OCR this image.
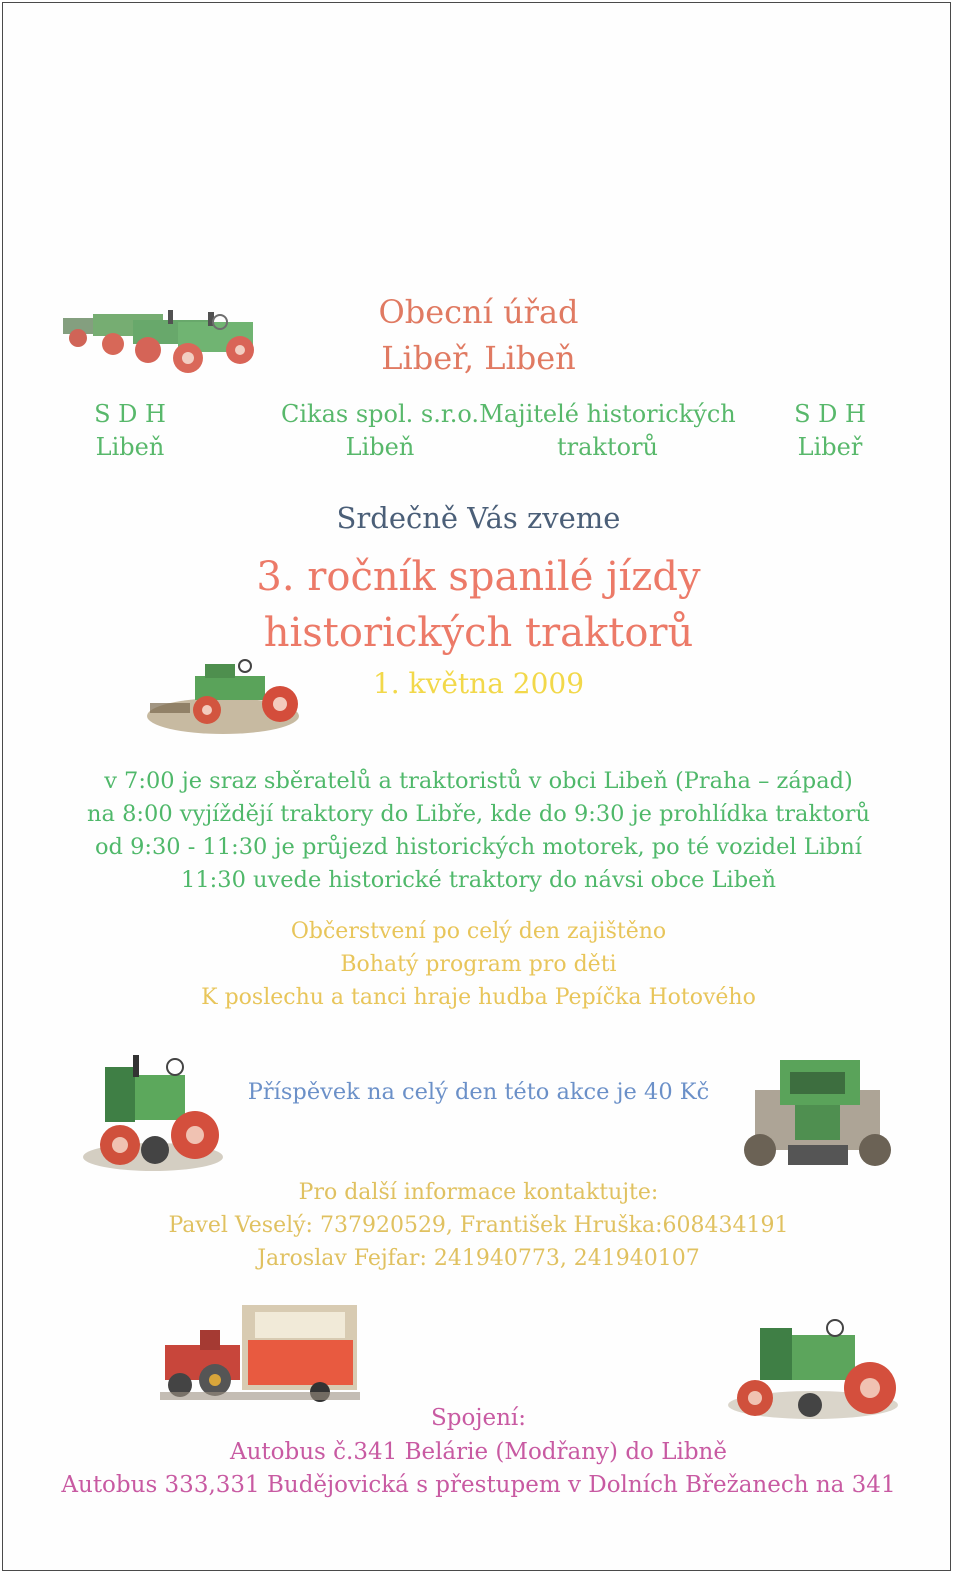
Obecní úřad
Libeř, Libeň
S D H
Libeň
Cikas spol. s.r.o.
Libeň
Majitelé historických
traktorů
S D H
Libeř
Srdečně Vás zveme
3. ročník spanilé jízdy
historických traktorů
1. května 2009
v 7:00 je sraz sběratelů a traktoristů v obci Libeň (Praha – západ)
na 8:00 vyjíždějí traktory do Libře, kde do 9:30 je prohlídka traktorů
od 9:30 - 11:30 je průjezd historických motorek, po té vozidel Libní
11:30 uvede historické traktory do návsi obce Libeň
Občerstvení po celý den zajištěno
Bohatý program pro děti
K poslechu a tanci hraje hudba Pepíčka Hotového
Příspěvek na celý den této akce je 40 Kč
Pro další informace kontaktujte:
Pavel Veselý: 737920529, František Hruška:608434191
Jaroslav Fejfar: 241940773, 241940107
Spojení:
Autobus č.341 Belárie (Modřany) do Libně
Autobus 333,331 Budějovická s přestupem v Dolních Břežanech na 341
